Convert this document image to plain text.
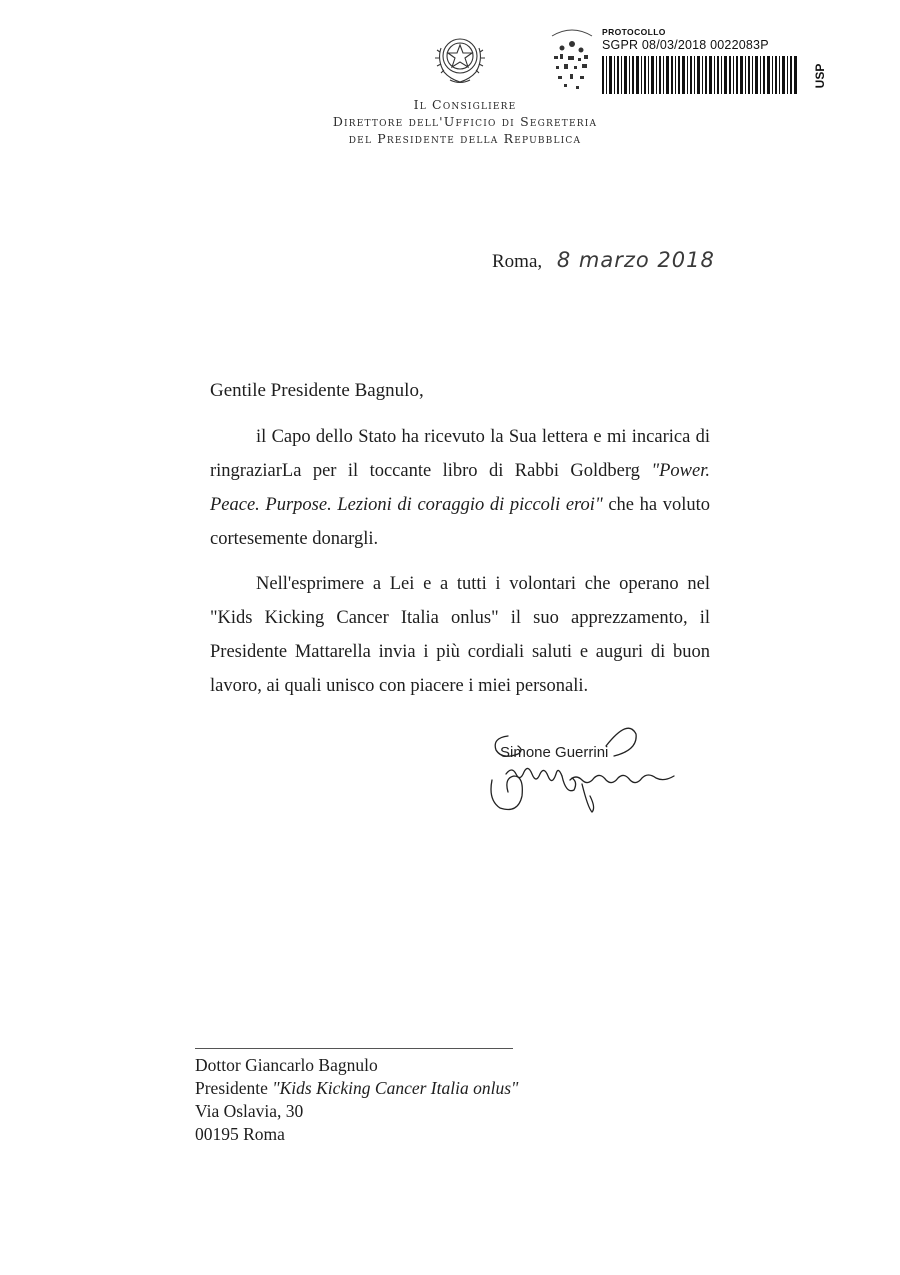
Il Consigliere
Direttore dell'Ufficio di Segreteria
del Presidente della Repubblica
PROTOCOLLO
SGPR 08/03/2018 0022083P
USP
Roma, 8 marzo 2018
Gentile Presidente Bagnulo,

il Capo dello Stato ha ricevuto la Sua lettera e mi incarica di ringraziarLa per il toccante libro di Rabbi Goldberg "Power. Peace. Purpose. Lezioni di coraggio di piccoli eroi" che ha voluto cortesemente donargli.

Nell'esprimere a Lei e a tutti i volontari che operano nel "Kids Kicking Cancer Italia onlus" il suo apprezzamento, il Presidente Mattarella invia i più cordiali saluti e auguri di buon lavoro, ai quali unisco con piacere i miei personali.

Simone Guerrini
Dottor Giancarlo Bagnulo
Presidente "Kids Kicking Cancer Italia onlus"
Via Oslavia, 30
00195 Roma
